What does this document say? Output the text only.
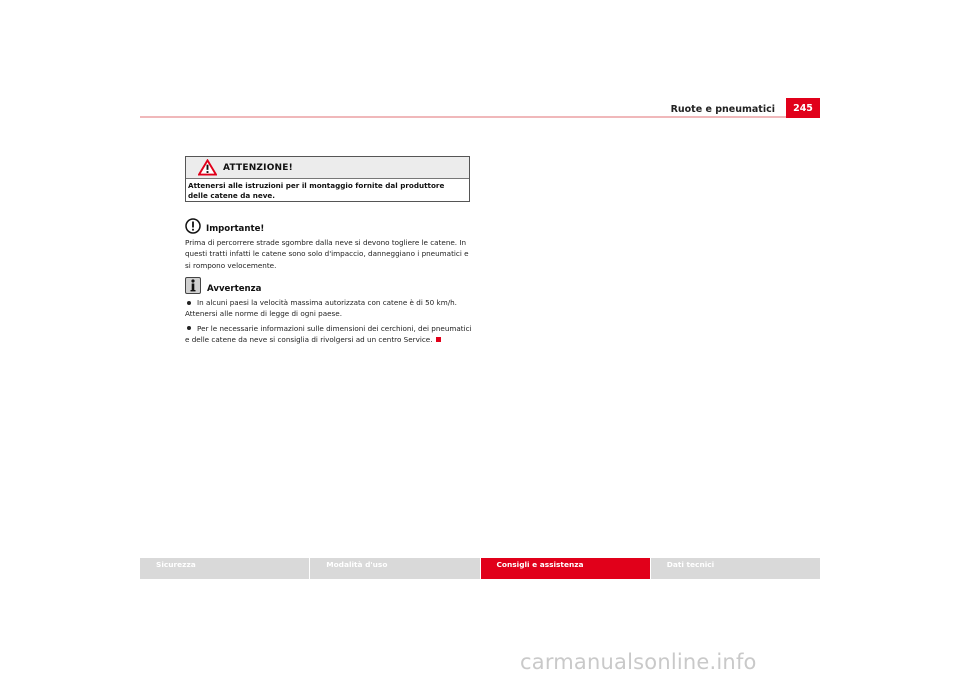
Ruote e pneumatici	245
ATTENZIONE!
Attenersi alle istruzioni per il montaggio fornite dal produttore delle catene da neve.
Importante!
Prima di percorrere strade sgombre dalla neve si devono togliere le catene. In questi tratti infatti le catene sono solo d'impaccio, danneggiano i pneumatici e si rompono velocemente.
Avvertenza
In alcuni paesi la velocità massima autorizzata con catene è di 50 km/h. Attenersi alle norme di legge di ogni paese.
Per le necessarie informazioni sulle dimensioni dei cerchioni, dei pneumatici e delle catene da neve si consiglia di rivolgersi ad un centro Service.
Sicurezza	Modalità d'uso	Consigli e assistenza	Dati tecnici
carmanualsonline.info
